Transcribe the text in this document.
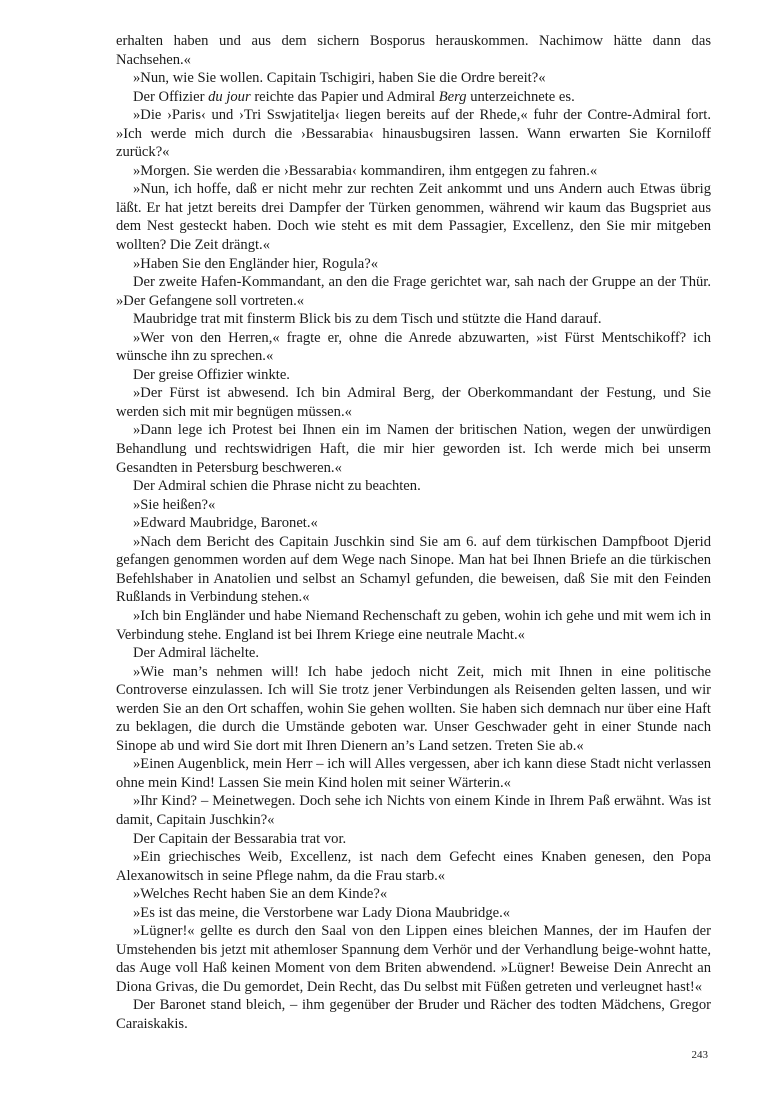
erhalten haben und aus dem sichern Bosporus herauskommen. Nachimow hätte dann das Nachsehen.«

»Nun, wie Sie wollen. Capitain Tschigiri, haben Sie die Ordre bereit?«

Der Offizier du jour reichte das Papier und Admiral Berg unterzeichnete es.

»Die ›Paris‹ und ›Tri Sswjatitelja‹ liegen bereits auf der Rhede,« fuhr der Contre-Admiral fort. »Ich werde mich durch die ›Bessarabia‹ hinausbugsiren lassen. Wann erwarten Sie Korniloff zurück?«

»Morgen. Sie werden die ›Bessarabia‹ kommandiren, ihm entgegen zu fahren.«

»Nun, ich hoffe, daß er nicht mehr zur rechten Zeit ankommt und uns Andern auch Etwas übrig läßt. Er hat jetzt bereits drei Dampfer der Türken genommen, während wir kaum das Bugspriet aus dem Nest gesteckt haben. Doch wie steht es mit dem Passagier, Excellenz, den Sie mir mitgeben wollten? Die Zeit drängt.«

»Haben Sie den Engländer hier, Rogula?«

Der zweite Hafen-Kommandant, an den die Frage gerichtet war, sah nach der Gruppe an der Thür. »Der Gefangene soll vortreten.«

Maubridge trat mit finsterm Blick bis zu dem Tisch und stützte die Hand darauf.

»Wer von den Herren,« fragte er, ohne die Anrede abzuwarten, »ist Fürst Mentschikoff? ich wünsche ihn zu sprechen.«

Der greise Offizier winkte.

»Der Fürst ist abwesend. Ich bin Admiral Berg, der Oberkommandant der Festung, und Sie werden sich mit mir begnügen müssen.«

»Dann lege ich Protest bei Ihnen ein im Namen der britischen Nation, wegen der unwürdigen Behandlung und rechtswidrigen Haft, die mir hier geworden ist. Ich werde mich bei unserm Gesandten in Petersburg beschweren.«

Der Admiral schien die Phrase nicht zu beachten.

»Sie heißen?«

»Edward Maubridge, Baronet.«

»Nach dem Bericht des Capitain Juschkin sind Sie am 6. auf dem türkischen Dampfboot Djerid gefangen genommen worden auf dem Wege nach Sinope. Man hat bei Ihnen Briefe an die türkischen Befehlshaber in Anatolien und selbst an Schamyl gefunden, die beweisen, daß Sie mit den Feinden Rußlands in Verbindung stehen.«

»Ich bin Engländer und habe Niemand Rechenschaft zu geben, wohin ich gehe und mit wem ich in Verbindung stehe. England ist bei Ihrem Kriege eine neutrale Macht.«

Der Admiral lächelte.

»Wie man’s nehmen will! Ich habe jedoch nicht Zeit, mich mit Ihnen in eine politische Controverse einzulassen. Ich will Sie trotz jener Verbindungen als Reisenden gelten lassen, und wir werden Sie an den Ort schaffen, wohin Sie gehen wollten. Sie haben sich demnach nur über eine Haft zu beklagen, die durch die Umstände geboten war. Unser Geschwader geht in einer Stunde nach Sinope ab und wird Sie dort mit Ihren Dienern an’s Land setzen. Treten Sie ab.«

»Einen Augenblick, mein Herr – ich will Alles vergessen, aber ich kann diese Stadt nicht verlassen ohne mein Kind! Lassen Sie mein Kind holen mit seiner Wärterin.«

»Ihr Kind? – Meinetwegen. Doch sehe ich Nichts von einem Kinde in Ihrem Paß erwähnt. Was ist damit, Capitain Juschkin?«

Der Capitain der Bessarabia trat vor.

»Ein griechisches Weib, Excellenz, ist nach dem Gefecht eines Knaben genesen, den Popa Alexanowitsch in seine Pflege nahm, da die Frau starb.«

»Welches Recht haben Sie an dem Kinde?«

»Es ist das meine, die Verstorbene war Lady Diona Maubridge.«

»Lügner!« gellte es durch den Saal von den Lippen eines bleichen Mannes, der im Haufen der Umstehenden bis jetzt mit athemloser Spannung dem Verhör und der Verhandlung beige-wohnt hatte, das Auge voll Haß keinen Moment von dem Briten abwendend. »Lügner! Beweise Dein Anrecht an Diona Grivas, die Du gemordet, Dein Recht, das Du selbst mit Füßen getreten und verleugnet hast!«

Der Baronet stand bleich, – ihm gegenüber der Bruder und Rächer des todten Mädchens, Gregor Caraiskakis.

243
